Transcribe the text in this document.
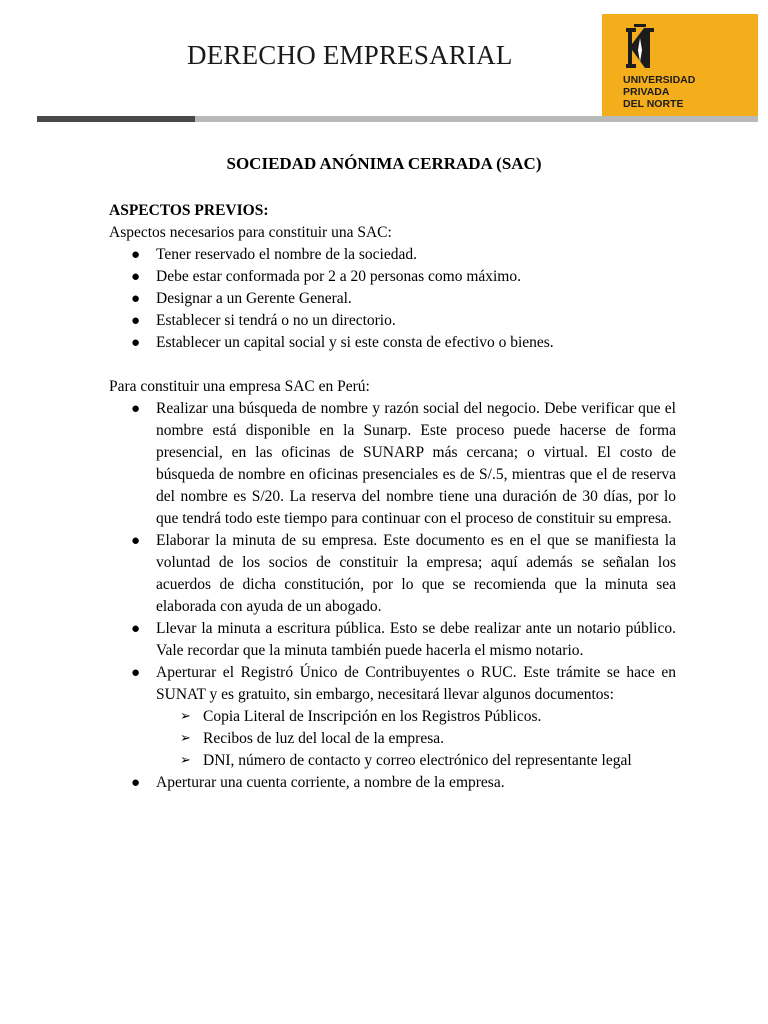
DERECHO EMPRESARIAL
UNIVERSIDAD
PRIVADA
DEL NORTE
SOCIEDAD ANÓNIMA CERRADA (SAC)

ASPECTOS PREVIOS:

Aspectos necesarios para constituir una SAC:

● Tener reservado el nombre de la sociedad.
● Debe estar conformada por 2 a 20 personas como máximo.
● Designar a un Gerente General.
● Establecer si tendrá o no un directorio.
● Establecer un capital social y si este consta de efectivo o bienes.

Para constituir una empresa SAC en Perú:

● Realizar una búsqueda de nombre y razón social del negocio. Debe verificar que el nombre está disponible en la Sunarp. Este proceso puede hacerse de forma presencial, en las oficinas de SUNARP más cercana; o virtual. El costo de búsqueda de nombre en oficinas presenciales es de S/.5, mientras que el de reserva del nombre es S/20. La reserva del nombre tiene una duración de 30 días, por lo que tendrá todo este tiempo para continuar con el proceso de constituir su empresa.
● Elaborar la minuta de su empresa. Este documento es en el que se manifiesta la voluntad de los socios de constituir la empresa; aquí además se señalan los acuerdos de dicha constitución, por lo que se recomienda que la minuta sea elaborada con ayuda de un abogado.
● Llevar la minuta a escritura pública. Esto se debe realizar ante un notario público. Vale recordar que la minuta también puede hacerla el mismo notario.
● Aperturar el Registró Único de Contribuyentes o RUC. Este trámite se hace en SUNAT y es gratuito, sin embargo, necesitará llevar algunos documentos:
➢ Copia Literal de Inscripción en los Registros Públicos.
➢ Recibos de luz del local de la empresa.
➢ DNI, número de contacto y correo electrónico del representante legal
● Aperturar una cuenta corriente, a nombre de la empresa.
